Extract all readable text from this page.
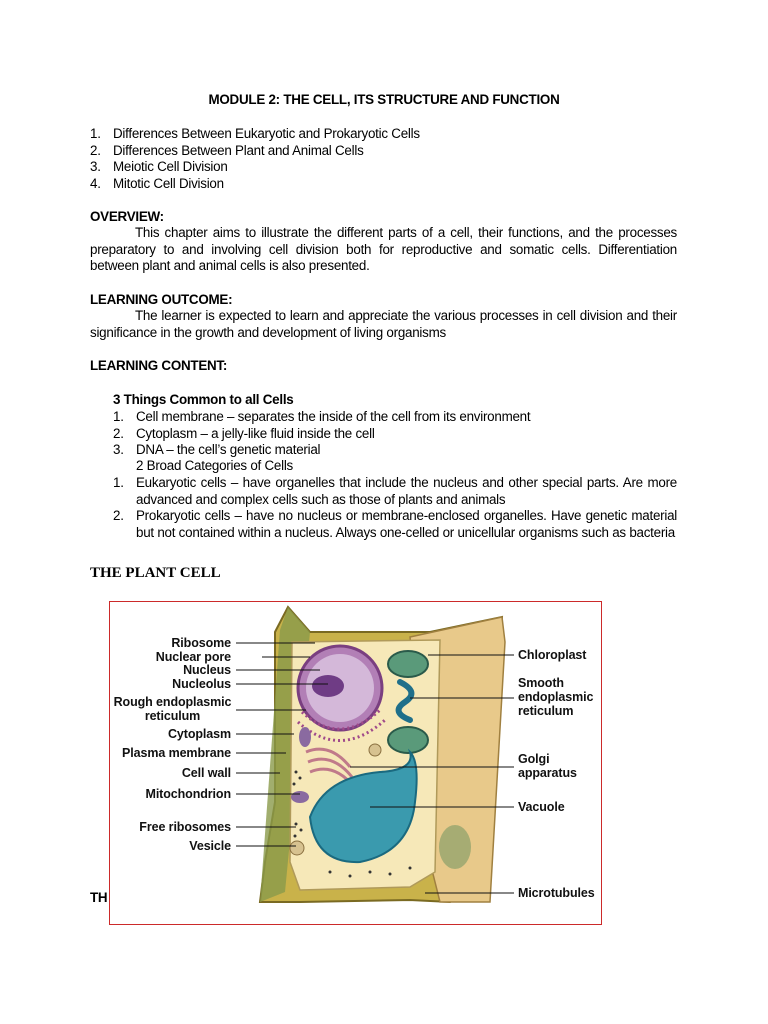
MODULE 2: THE CELL, ITS STRUCTURE AND FUNCTION
1. Differences Between Eukaryotic and Prokaryotic Cells
2. Differences Between Plant and Animal Cells
3. Meiotic Cell Division
4. Mitotic Cell Division
OVERVIEW:
This chapter aims to illustrate the different parts of a cell, their functions, and the processes preparatory to and involving cell division both for reproductive and somatic cells. Differentiation between plant and animal cells is also presented.
LEARNING OUTCOME:
The learner is expected to learn and appreciate the various processes in cell division and their significance in the growth and development of living organisms
LEARNING CONTENT:
3 Things Common to all Cells
1. Cell membrane – separates the inside of the cell from its environment
2. Cytoplasm – a jelly-like fluid inside the cell
3. DNA – the cell’s genetic material
2 Broad Categories of Cells
1. Eukaryotic cells – have organelles that include the nucleus and other special parts. Are more advanced and complex cells such as those of plants and animals
2. Prokaryotic cells – have no nucleus or membrane-enclosed organelles. Have genetic material but not contained within a nucleus. Always one-celled or unicellular organisms such as bacteria
THE PLANT CELL
TH
Ribosome
Nuclear pore
Nucleus
Nucleolus
Rough endoplasmic reticulum
Cytoplasm
Plasma membrane
Cell wall
Mitochondrion
Free ribosomes
Vesicle
Chloroplast
Smooth endoplasmic reticulum
Golgi apparatus
Vacuole
Microtubules
